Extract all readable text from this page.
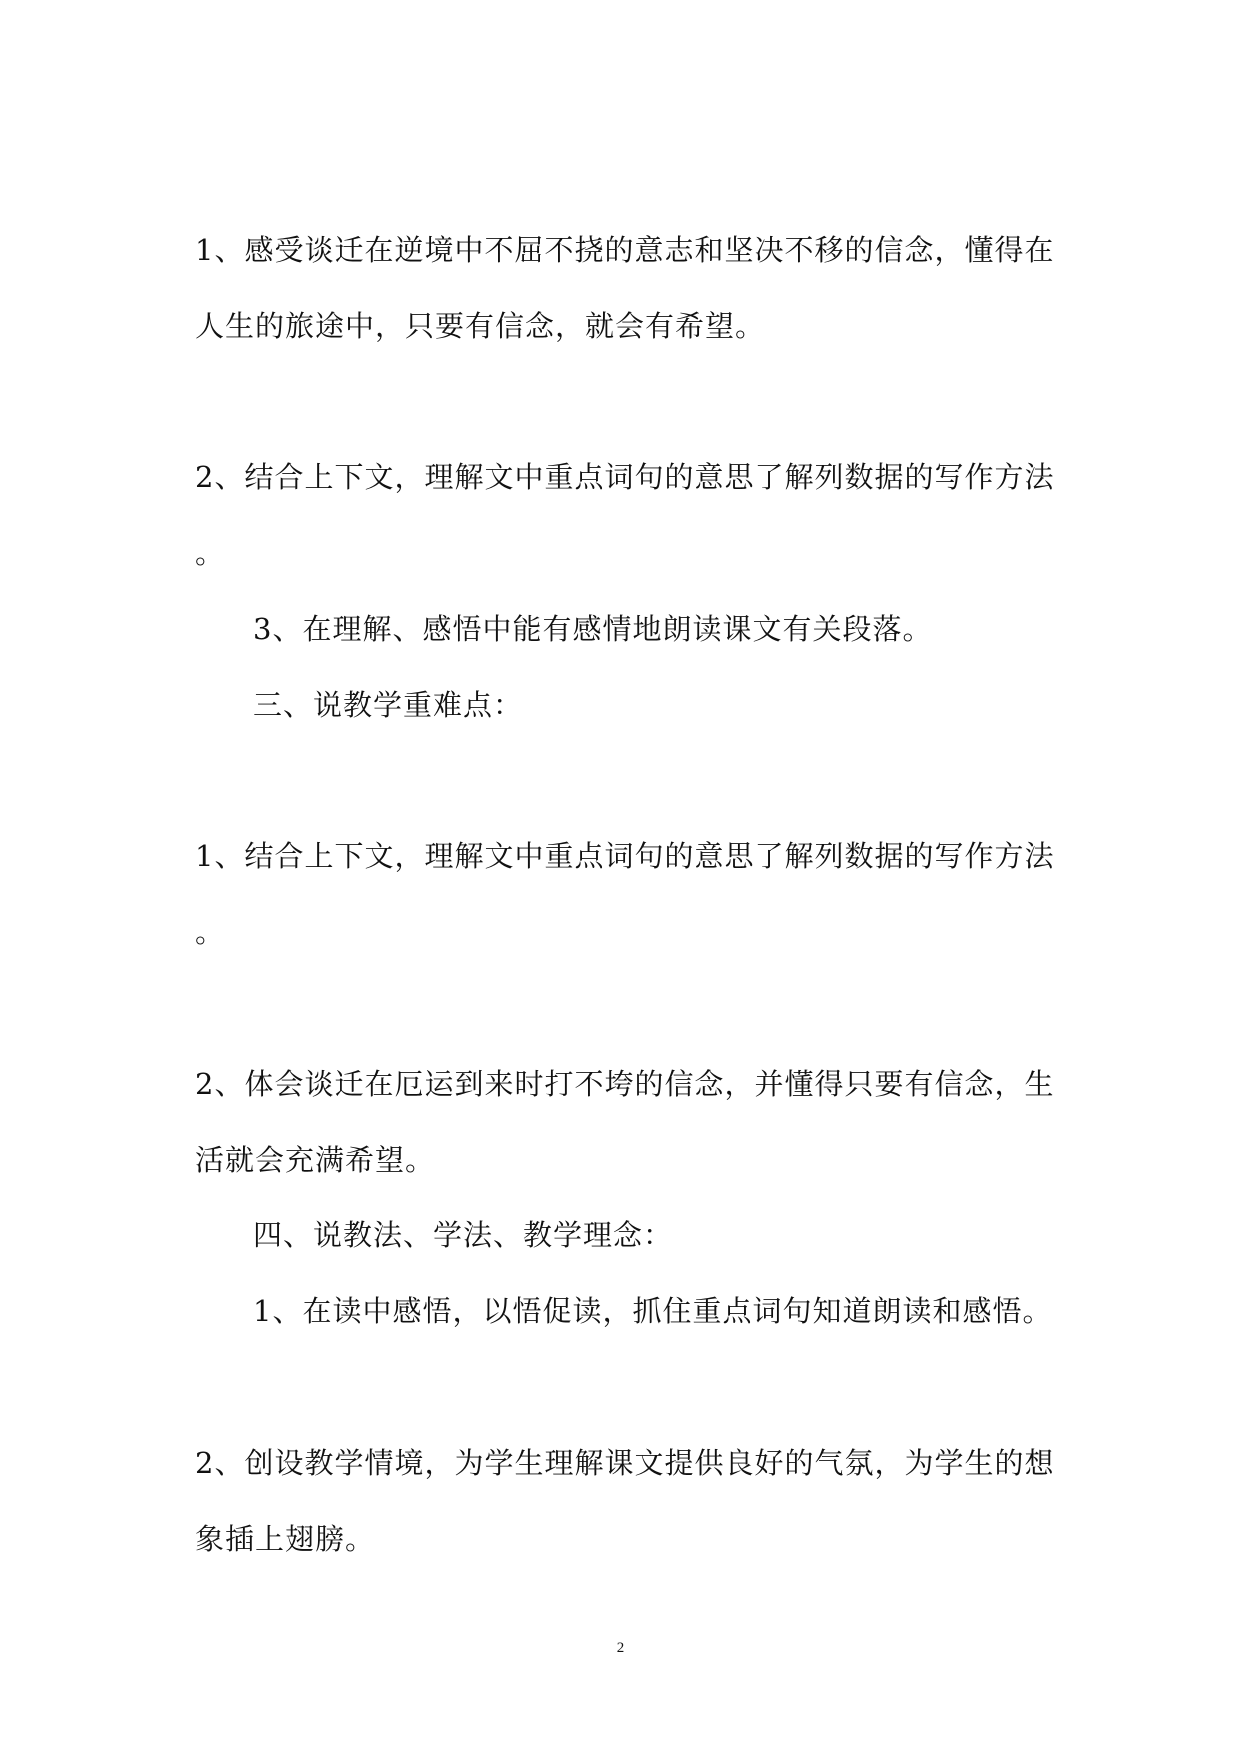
1、感受谈迁在逆境中不屈不挠的意志和坚决不移的信念，懂得在
人生的旅途中，只要有信念，就会有希望。
2、结合上下文，理解文中重点词句的意思了解列数据的写作方法
。
3、在理解、感悟中能有感情地朗读课文有关段落。
三、说教学重难点：
1、结合上下文，理解文中重点词句的意思了解列数据的写作方法
。
2、体会谈迁在厄运到来时打不垮的信念，并懂得只要有信念，生
活就会充满希望。
四、说教法、学法、教学理念：
1、在读中感悟，以悟促读，抓住重点词句知道朗读和感悟。
2、创设教学情境，为学生理解课文提供良好的气氛，为学生的想
象插上翅膀。
2
